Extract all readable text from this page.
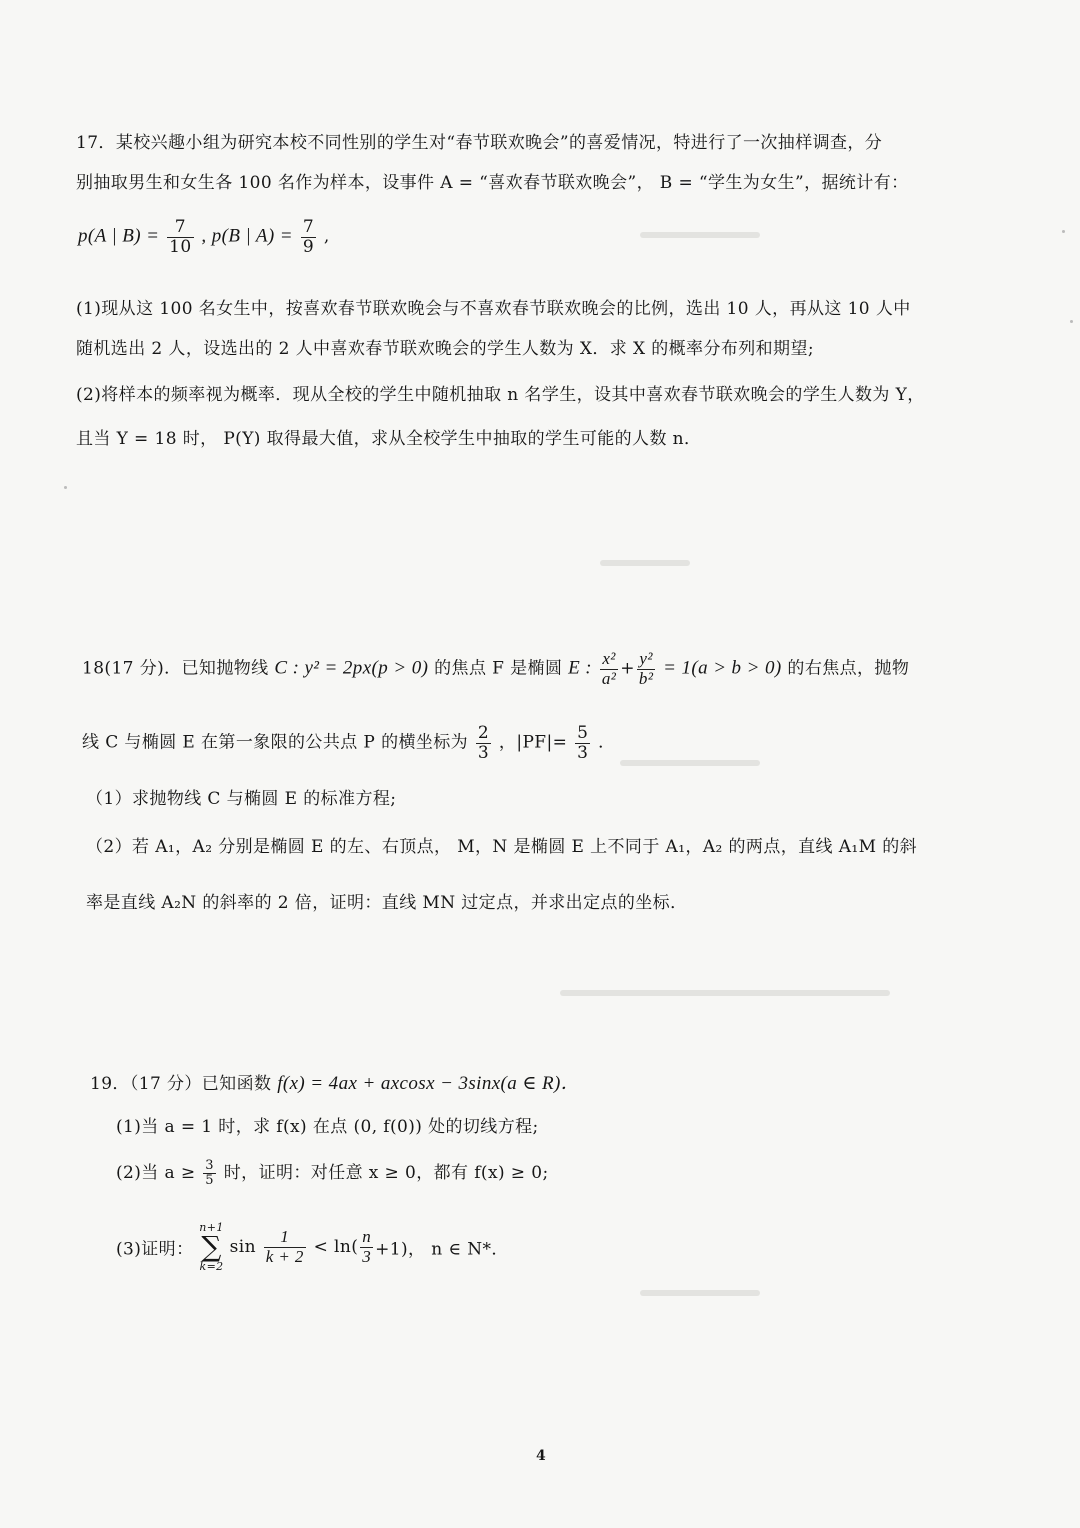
17．某校兴趣小组为研究本校不同性别的学生对“春节联欢晚会”的喜爱情况，特进行了一次抽样调查，分
别抽取男生和女生各 100 名作为样本，设事件 A = “喜欢春节联欢晚会”， B = “学生为女生”，据统计有：
p(A | $B) = \frac{7}{10}$ , p(B | $A) = \frac{7}{9}$ ,
(1)现从这 100 名女生中，按喜欢春节联欢晚会与不喜欢春节联欢晚会的比例，选出 10 人，再从这 10 人中
随机选出 2 人，设选出的 2 人中喜欢春节联欢晚会的学生人数为 X．求 X 的概率分布列和期望;
(2)将样本的频率视为概率．现从全校的学生中随机抽取 n 名学生，设其中喜欢春节联欢晚会的学生人数为 Y，
且当 Y = 18 时， P(Y) 取得最大值，求从全校学生中抽取的学生可能的人数 n．
18(17 分)．已知抛物线 C : y² = 2px(p > 0) 的焦点 F 是椭圆 E : $\frac{\text{x²}}{\text{a²}} + \frac{\text{y²}}{\text{b²}} = 1(a > b > 0)$ 的右焦点，抛物
线 C 与椭圆 E 在第一象限的公共点 P 的横坐标为 $\frac{2}{3}$ ，$|PF|= \frac{5}{3}$ ．
（1）求抛物线 C 与椭圆 E 的标准方程;
（2）若 A₁，A₂ 分别是椭圆 E 的左、右顶点， M，N 是椭圆 E 上不同于 A₁，A₂ 的两点，直线 A₁M 的斜
率是直线 A₂N 的斜率的 2 倍，证明：直线 MN 过定点，并求出定点的坐标．
19．（17 分）已知函数 f(x) = 4ax + axcosx − 3sinx(a ∈ R)．
(1)当 a = 1 时，求 f(x) 在点 (0, f(0)) 处的切线方程;
(2)当 $a \ge \frac{3}{5}$ 时，证明：对任意 x ≥ 0，都有 f(x) ≥ 0;
(3)证明：
n+1
∑
k=2
$\sin \frac{1}{k + 2} < \ln( \frac{n}{3} +1)$， n ∈ N*．
4
